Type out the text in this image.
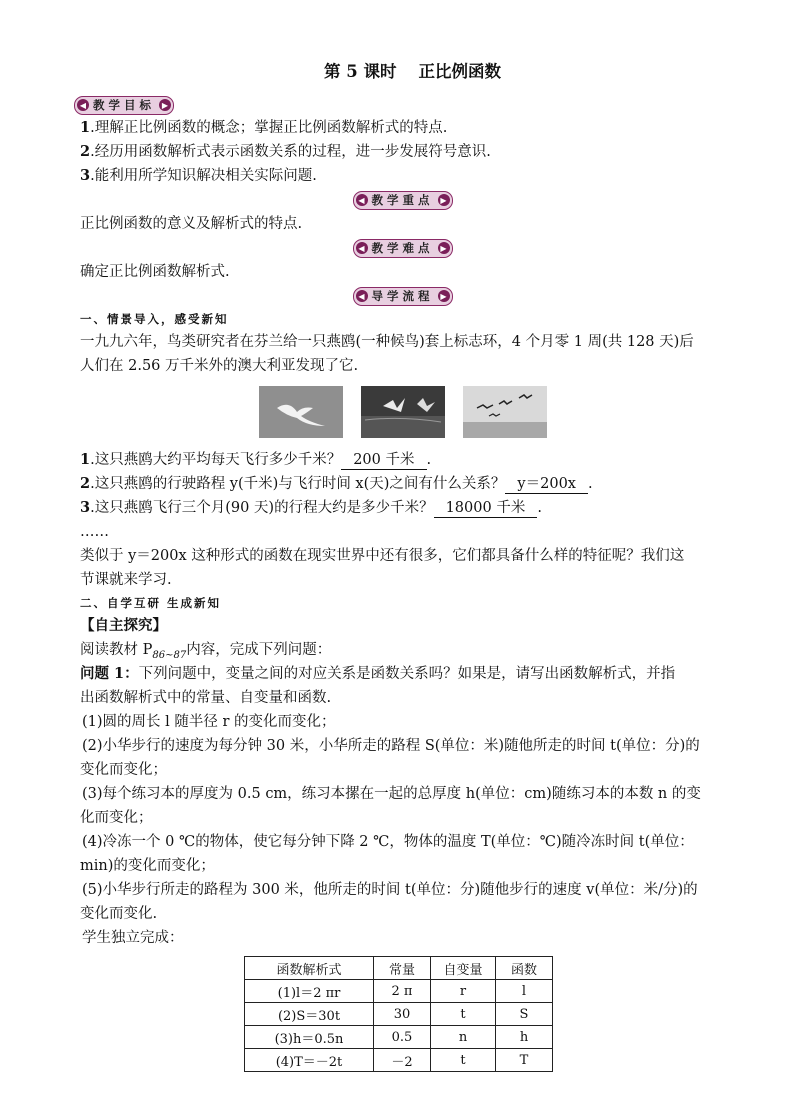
第 5 课时 正比例函数
◀ 教学目标 ▶

1.理解正比例函数的概念；掌握正比例函数解析式的特点.

2.经历用函数解析式表示函数关系的过程，进一步发展符号意识.

3.能利用所学知识解决相关实际问题.

◀ 教学重点 ▶

正比例函数的意义及解析式的特点.

◀ 教学难点 ▶

确定正比例函数解析式.

◀ 导学流程 ▶

一、情景导入，感受新知

一九九六年，鸟类研究者在芬兰给一只燕鸥(一种候鸟)套上标志环，4 个月零 1 周(共 128 天)后

人们在 2.56 万千米外的澳大利亚发现了它.

1.这只燕鸥大约平均每天飞行多少千米？ 200 千米 .

2.这只燕鸥的行驶路程 y(千米)与飞行时间 x(天)之间有什么关系？ y＝200x .

3.这只燕鸥飞行三个月(90 天)的行程大约是多少千米？ 18000 千米 .

……

类似于 y＝200x 这种形式的函数在现实世界中还有很多，它们都具备什么样的特征呢？我们这

节课就来学习.

二、自学互研 生成新知

【自主探究】

阅读教材 $P_{86\sim 87}$内容，完成下列问题：

问题 1：下列问题中，变量之间的对应关系是函数关系吗？如果是，请写出函数解析式，并指

出函数解析式中的常量、自变量和函数.

(1)圆的周长 l 随半径 r 的变化而变化；

(2)小华步行的速度为每分钟 30 米，小华所走的路程 S(单位：米)随他所走的时间 t(单位：分)的

变化而变化；

(3)每个练习本的厚度为 0.5 cm，练习本摞在一起的总厚度 h(单位：cm)随练习本的本数 n 的变

化而变化；

(4)冷冻一个 0 ℃的物体，使它每分钟下降 2 ℃，物体的温度 T(单位：℃)随冷冻时间 t(单位：

min)的变化而变化；

(5)小华步行所走的路程为 300 米，他所走的时间 t(单位：分)随他步行的速度 v(单位：米/分)的

变化而变化.

学生独立完成：

函数解析式	常量	自变量	函数
(1)l＝2 πr	2 π	r	l
(2)S＝30t	30	t	S
(3)h＝0.5n	0.5	n	h
(4)T＝－2t	－2	t	T
